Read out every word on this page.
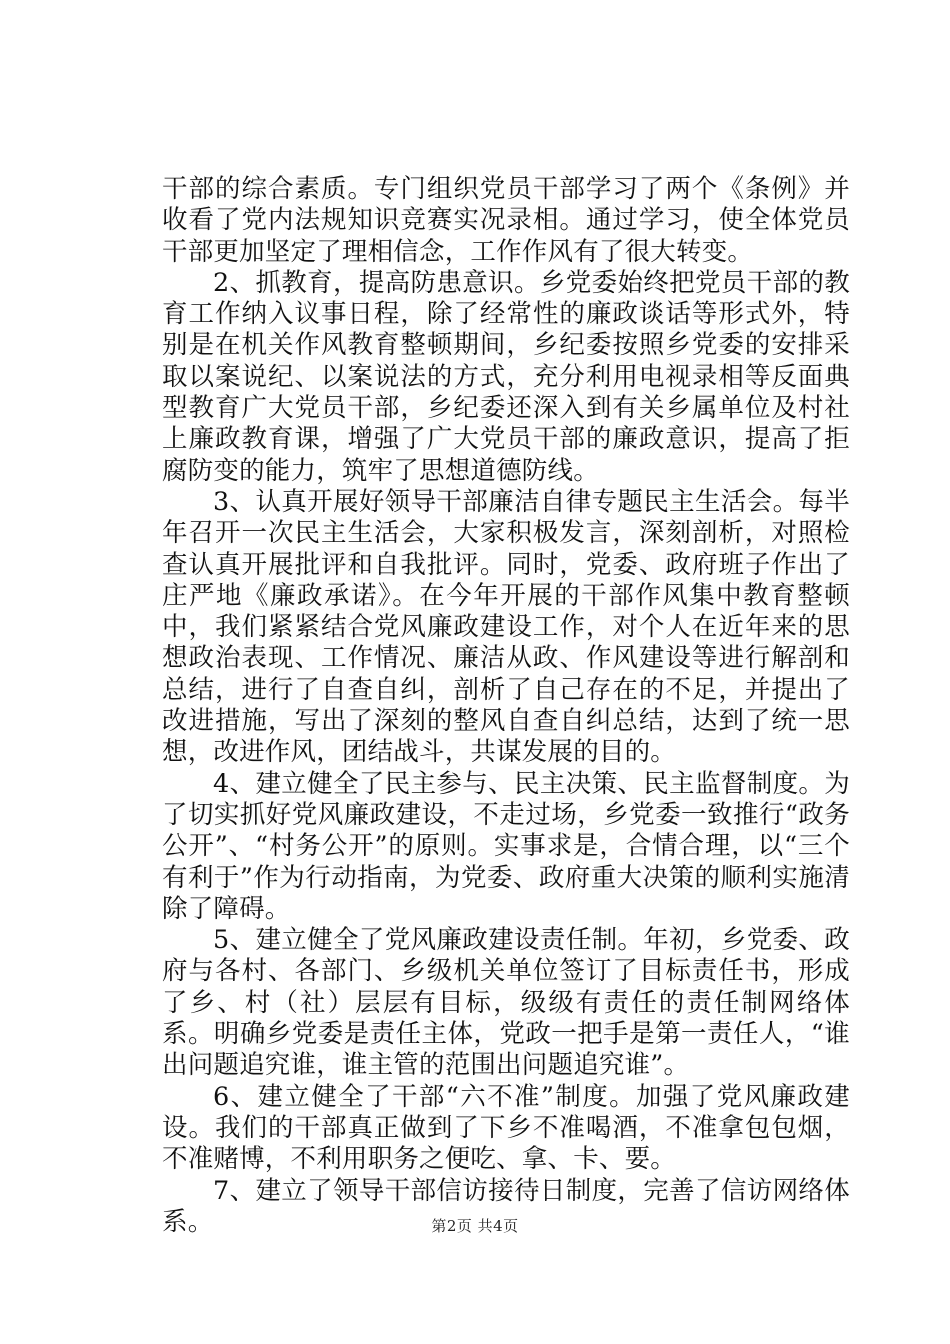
干部的综合素质。专门组织党员干部学习了两个《条例》并收看了党内法规知识竞赛实况录相。通过学习，使全体党员干部更加坚定了理相信念，工作作风有了很大转变。

2、抓教育，提高防患意识。乡党委始终把党员干部的教育工作纳入议事日程，除了经常性的廉政谈话等形式外，特别是在机关作风教育整顿期间，乡纪委按照乡党委的安排采取以案说纪、以案说法的方式，充分利用电视录相等反面典型教育广大党员干部，乡纪委还深入到有关乡属单位及村社上廉政教育课，增强了广大党员干部的廉政意识，提高了拒腐防变的能力，筑牢了思想道德防线。

3、认真开展好领导干部廉洁自律专题民主生活会。每半年召开一次民主生活会，大家积极发言，深刻剖析，对照检查认真开展批评和自我批评。同时，党委、政府班子作出了庄严地《廉政承诺》。在今年开展的干部作风集中教育整顿中，我们紧紧结合党风廉政建设工作，对个人在近年来的思想政治表现、工作情况、廉洁从政、作风建设等进行解剖和总结，进行了自查自纠，剖析了自己存在的不足，并提出了改进措施，写出了深刻的整风自查自纠总结，达到了统一思想，改进作风，团结战斗，共谋发展的目的。

4、建立健全了民主参与、民主决策、民主监督制度。为了切实抓好党风廉政建设，不走过场，乡党委一致推行“政务公开”、“村务公开”的原则。实事求是，合情合理，以“三个有利于”作为行动指南，为党委、政府重大决策的顺利实施清除了障碍。

5、建立健全了党风廉政建设责任制。年初，乡党委、政府与各村、各部门、乡级机关单位签订了目标责任书，形成了乡、村（社）层层有目标，级级有责任的责任制网络体系。明确乡党委是责任主体，党政一把手是第一责任人，“谁出问题追究谁，谁主管的范围出问题追究谁”。

6、建立健全了干部“六不准”制度。加强了党风廉政建设。我们的干部真正做到了下乡不准喝酒，不准拿包包烟，不准赌博，不利用职务之便吃、拿、卡、要。

7、建立了领导干部信访接待日制度，完善了信访网络体系。	第2页 共4页
